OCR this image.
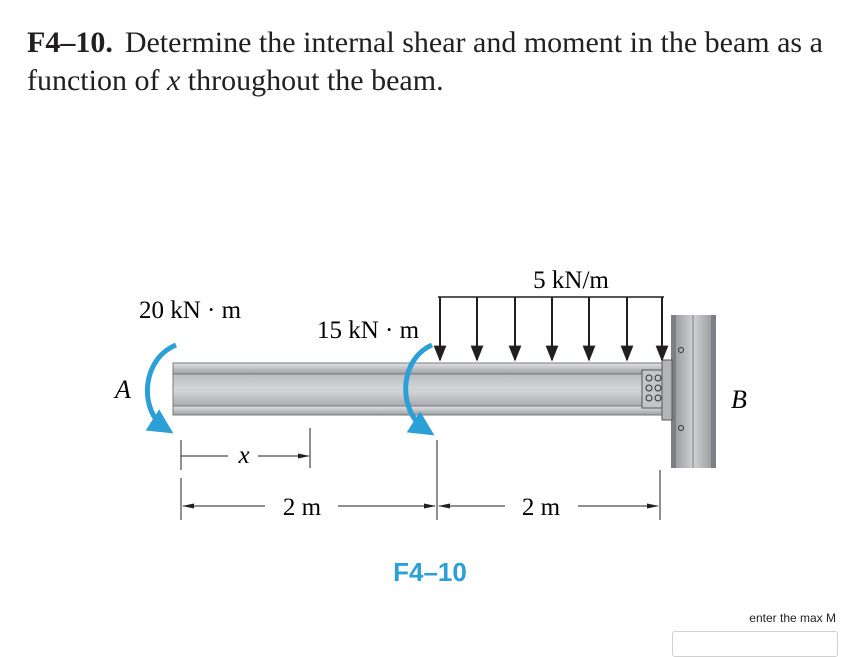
F4–10. Determine the internal shear and moment in the beam as a function of x throughout the beam.
5 kN/m
20 kN · m
15 kN · m
A	B
x
2 m	2 m
F4–10
enter the max M
